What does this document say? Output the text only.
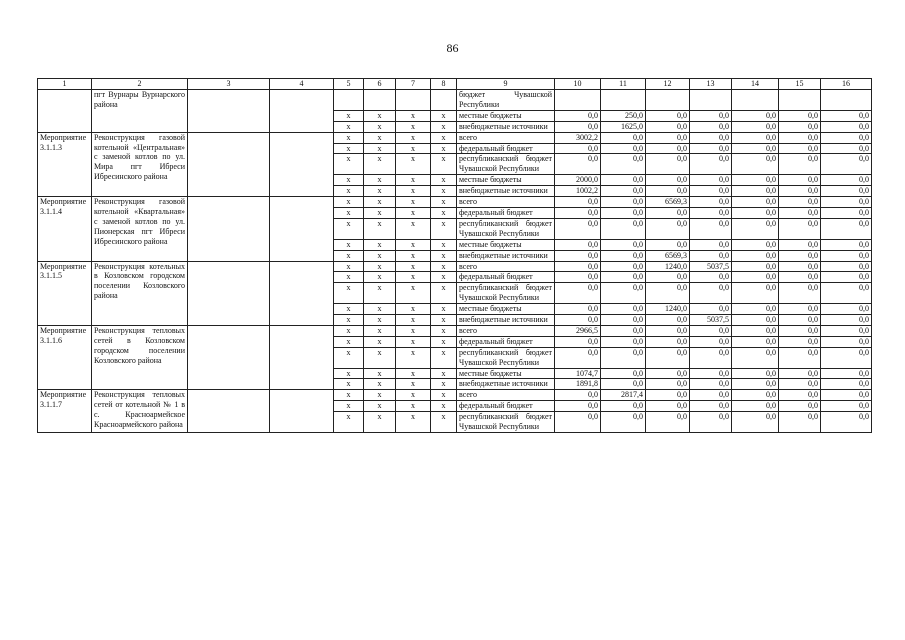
86
1	2	3	4	5	6	7	8	9	10	11	12	13	14	15	16
	пгт Вурнары Вурнарского района							бюджет Чувашской Республики							
				x	x	x	x	местные бюджеты	0,0	250,0	0,0	0,0	0,0	0,0	0,0
				x	x	x	x	внебюджетные источники	0,0	1625,0	0,0	0,0	0,0	0,0	0,0
Мероприятие 3.1.1.3	Реконструкция газовой котельной «Центральная» с заменой котлов по ул. Мира пгт Ибреси Ибресинского района			x	x	x	x	всего	3002,2	0,0	0,0	0,0	0,0	0,0	0,0
				x	x	x	x	федеральный бюджет	0,0	0,0	0,0	0,0	0,0	0,0	0,0
				x	x	x	x	республиканский бюджет Чувашской Республики	0,0	0,0	0,0	0,0	0,0	0,0	0,0
				x	x	x	x	местные бюджеты	2000,0	0,0	0,0	0,0	0,0	0,0	0,0
				x	x	x	x	внебюджетные источники	1002,2	0,0	0,0	0,0	0,0	0,0	0,0
Мероприятие 3.1.1.4	Реконструкция газовой котельной «Квартальная» с заменой котлов по ул. Пионерская пгт Ибреси Ибресинского района			x	x	x	x	всего	0,0	0,0	6569,3	0,0	0,0	0,0	0,0
				x	x	x	x	федеральный бюджет	0,0	0,0	0,0	0,0	0,0	0,0	0,0
				x	x	x	x	республиканский бюджет Чувашской Республики	0,0	0,0	0,0	0,0	0,0	0,0	0,0
				x	x	x	x	местные бюджеты	0,0	0,0	0,0	0,0	0,0	0,0	0,0
				x	x	x	x	внебюджетные источники	0,0	0,0	6569,3	0,0	0,0	0,0	0,0
Мероприятие 3.1.1.5	Реконструкция котельных в Козловском городском поселении Козловского района			x	x	x	x	всего	0,0	0,0	1240,0	5037,5	0,0	0,0	0,0
				x	x	x	x	федеральный бюджет	0,0	0,0	0,0	0,0	0,0	0,0	0,0
				x	x	x	x	республиканский бюджет Чувашской Республики	0,0	0,0	0,0	0,0	0,0	0,0	0,0
				x	x	x	x	местные бюджеты	0,0	0,0	1240,0	0,0	0,0	0,0	0,0
				x	x	x	x	внебюджетные источники	0,0	0,0	0,0	5037,5	0,0	0,0	0,0
Мероприятие 3.1.1.6	Реконструкция тепловых сетей в Козловском городском поселении Козловского района			x	x	x	x	всего	2966,5	0,0	0,0	0,0	0,0	0,0	0,0
				x	x	x	x	федеральный бюджет	0,0	0,0	0,0	0,0	0,0	0,0	0,0
				x	x	x	x	республиканский бюджет Чувашской Республики	0,0	0,0	0,0	0,0	0,0	0,0	0,0
				x	x	x	x	местные бюджеты	1074,7	0,0	0,0	0,0	0,0	0,0	0,0
				x	x	x	x	внебюджетные источники	1891,8	0,0	0,0	0,0	0,0	0,0	0,0
Мероприятие 3.1.1.7	Реконструкция тепловых сетей от котельной № 1 в с. Красноармейское Красноармейского района			x	x	x	x	всего	0,0	2817,4	0,0	0,0	0,0	0,0	0,0
				x	x	x	x	федеральный бюджет	0,0	0,0	0,0	0,0	0,0	0,0	0,0
				x	x	x	x	республиканский бюджет Чувашской Республики	0,0	0,0	0,0	0,0	0,0	0,0	0,0
